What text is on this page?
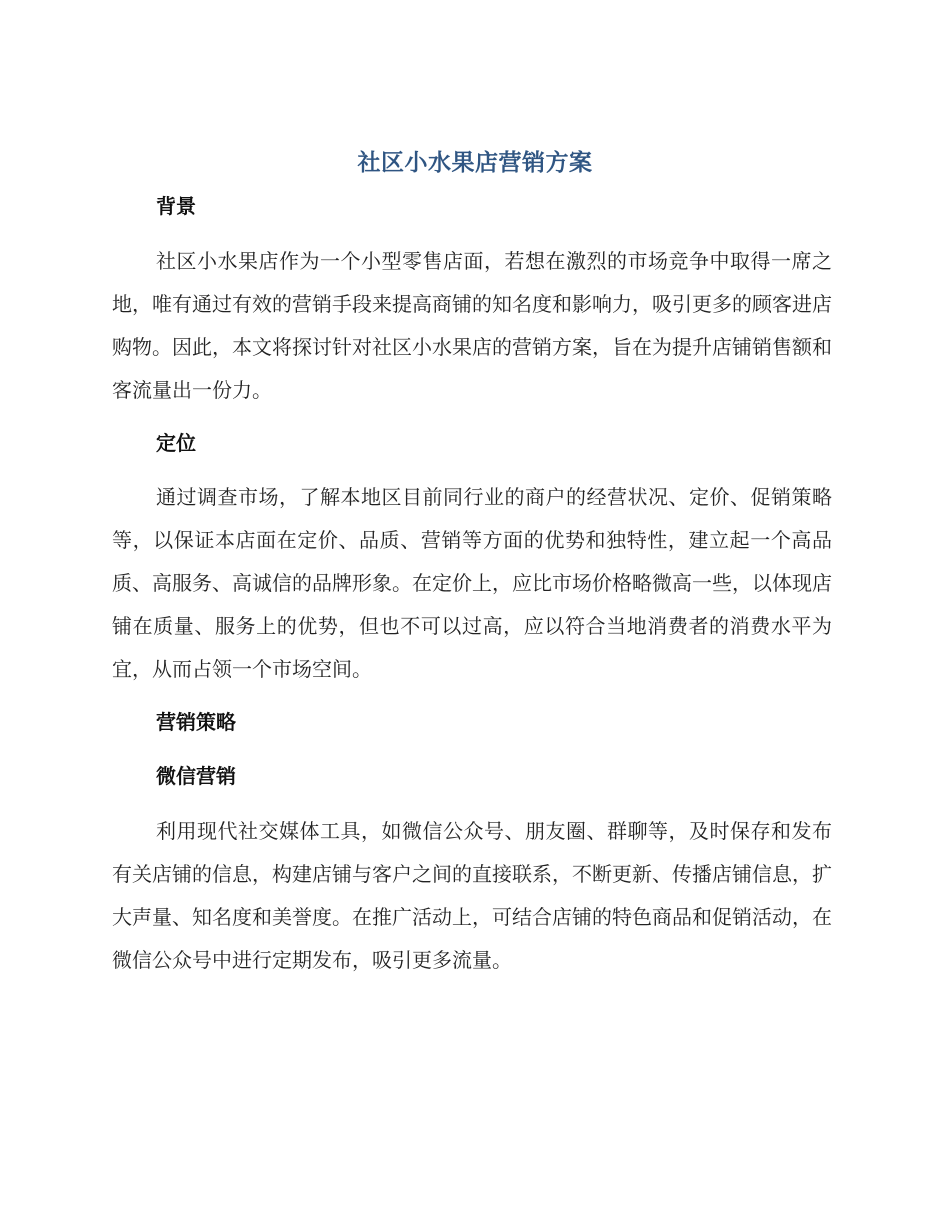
社区小水果店营销方案
背景

社区小水果店作为一个小型零售店面，若想在激烈的市场竞争中取得一席之地，唯有通过有效的营销手段来提高商铺的知名度和影响力，吸引更多的顾客进店购物。因此，本文将探讨针对社区小水果店的营销方案，旨在为提升店铺销售额和客流量出一份力。

定位

通过调查市场，了解本地区目前同行业的商户的经营状况、定价、促销策略等，以保证本店面在定价、品质、营销等方面的优势和独特性，建立起一个高品质、高服务、高诚信的品牌形象。在定价上，应比市场价格略微高一些，以体现店铺在质量、服务上的优势，但也不可以过高，应以符合当地消费者的消费水平为宜，从而占领一个市场空间。

营销策略
微信营销

利用现代社交媒体工具，如微信公众号、朋友圈、群聊等，及时保存和发布有关店铺的信息，构建店铺与客户之间的直接联系，不断更新、传播店铺信息，扩大声量、知名度和美誉度。在推广活动上，可结合店铺的特色商品和促销活动，在微信公众号中进行定期发布，吸引更多流量。
